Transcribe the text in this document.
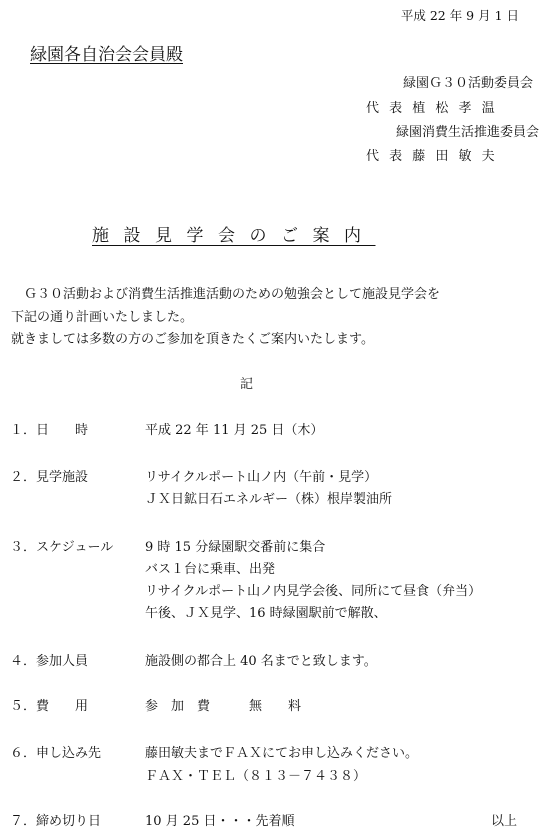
平成 22 年 9 月 1 日
緑園各自治会会員殿
緑園Ｇ３０活動委員会
代 表 植 松 孝 温
緑園消費生活推進委員会
代 表 藤 田 敏 夫
施設見学会のご案内
　Ｇ３０活動および消費生活推進活動のための勉強会として施設見学会を
下記の通り計画いたしました。
就きましては多数の方のご参加を頂きたくご案内いたします。
記
１．日　　時	平成 22 年 11 月 25 日（木）
２．見学施設	リサイクルポート山ノ内（午前・見学）
ＪＸ日鉱日石エネルギー（株）根岸製油所
３．スケジュール 9 時 15 分緑園駅交番前に集合
バス１台に乗車、出発
リサイクルポート山ノ内見学会後、同所にて昼食（弁当）
午後、ＪＸ見学、16 時緑園駅前で解散、
４．参加人員	施設側の都合上 40 名までと致します。
５．費　　用	参　加　費　　　無　　料
６．申し込み先	藤田敏夫までＦＡＸにてお申し込みください。
ＦＡＸ・ＴＥＬ（８１３－７４３８）
７．締め切り日	10 月 25 日・・・先着順	以上
